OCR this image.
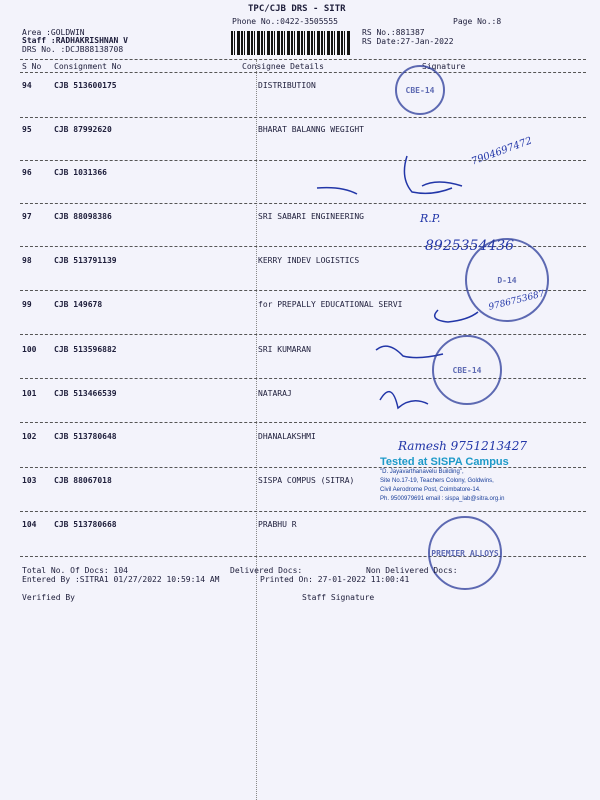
TPC/CJB DRS - SITR
Phone No.:0422-3505555	Page No.:8
Area :GOLDWIN
Staff :RADHAKRISHNAN V
DRS No. :DCJB88138708
RS No.:881387
RS Date:27-Jan-2022
S No Consignment No	Consignee Details	Signature
94	CJB 513600175	DISTRIBUTION
95	CJB 87992620	BHARAT BALANNG WEGIGHT
96	CJB 1031366
97	CJB 88098386	SRI SABARI ENGINEERING
98	CJB 513791139	KERRY INDEV LOGISTICS
99	CJB 149678	for PREPALLY EDUCATIONAL SERVI
100 CJB 513596882	SRI KUMARAN
101 CJB 513466539	NATARAJ
102 CJB 513780648	DHANALAKSHMI
103 CJB 88067018	SISPA COMPUS (SITRA)
104 CJB 513780668	PRABHU R
CBE-14
7904697472
R.P.
8925354436
D-14
9786753687
CBE-14
Ramesh 9751213427
Tested at SISPA Campus
"D. Jayavarthanavelu Building",
Site No.17-19, Teachers Colony, Goldwins,
Civil Aerodrome Post, Coimbatore-14.
Ph. 9500979691 email : sispa_lab@sitra.org.in
PREMIER ALLOYS
Total No. Of Docs: 104	Delivered Docs:	Non Delivered Docs:
Entered By :SITRA1 01/27/2022 10:59:14 AM	Printed On: 27-01-2022 11:00:41
Verified By	Staff Signature
